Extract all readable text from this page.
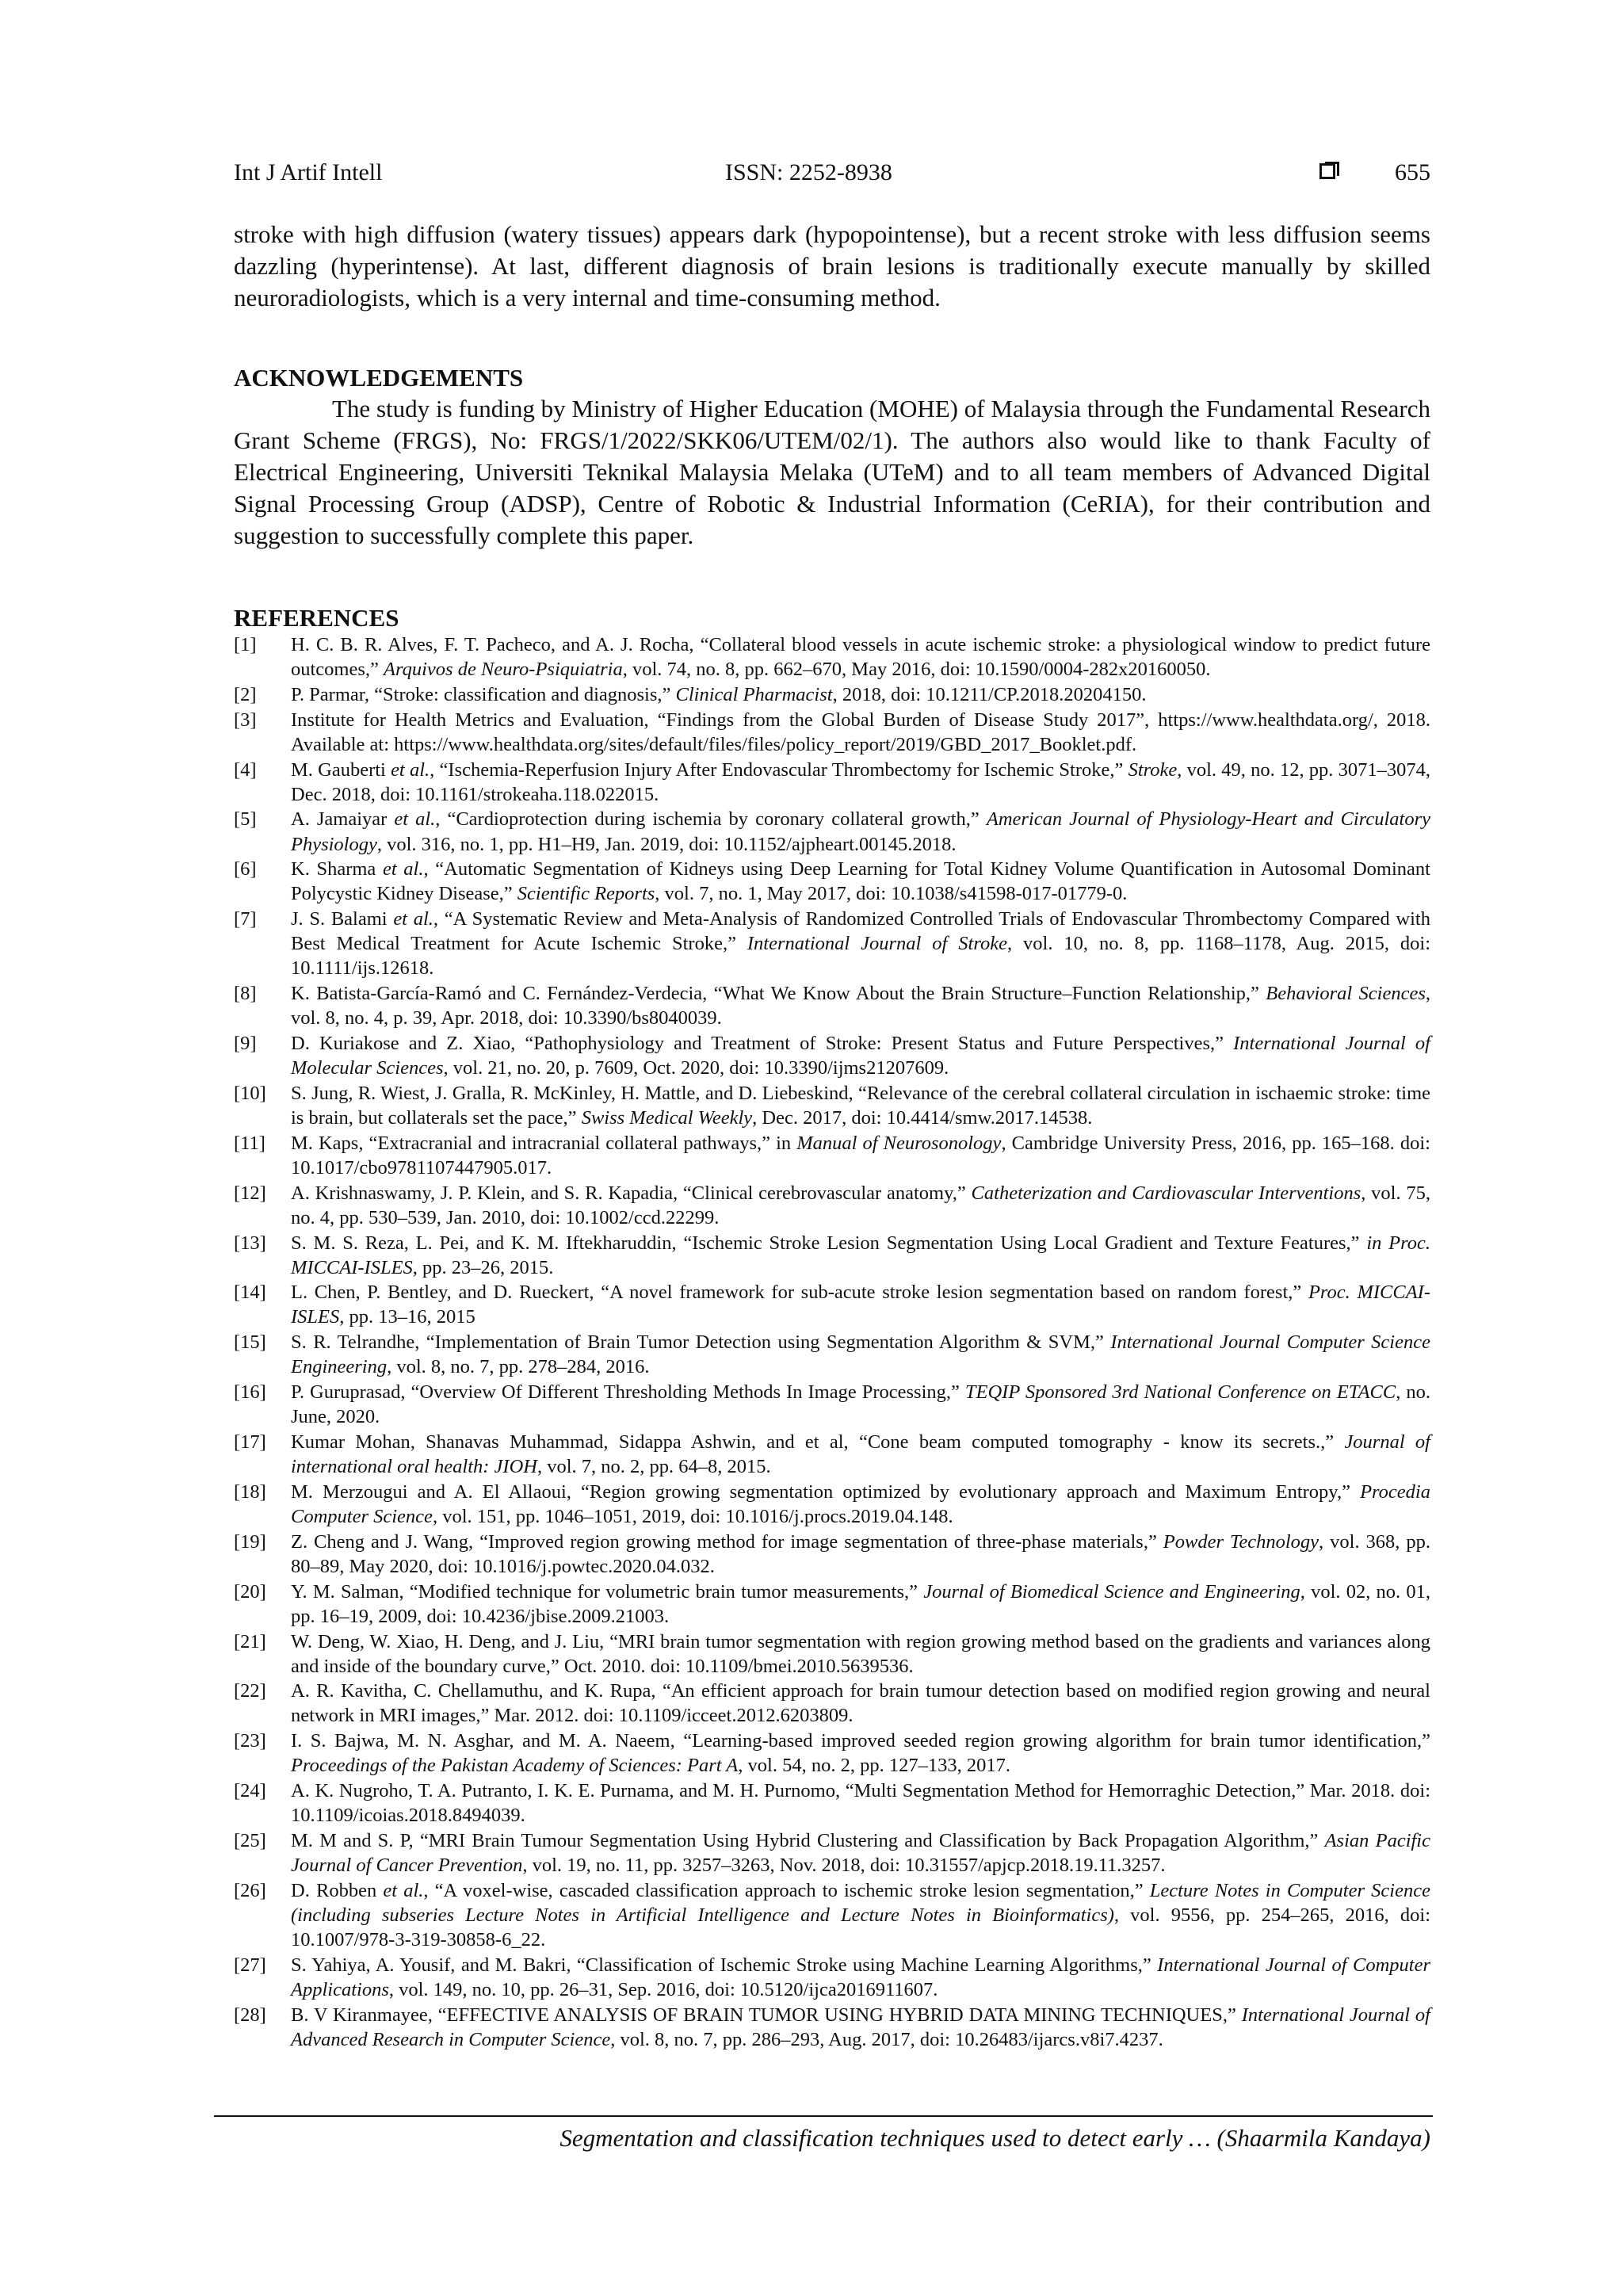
Int J Artif Intell	ISSN: 2252-8938	655

stroke with high diffusion (watery tissues) appears dark (hypopointense), but a recent stroke with less diffusion seems dazzling (hyperintense). At last, different diagnosis of brain lesions is traditionally execute manually by skilled neuroradiologists, which is a very internal and time-consuming method.

ACKNOWLEDGEMENTS

The study is funding by Ministry of Higher Education (MOHE) of Malaysia through the Fundamental Research Grant Scheme (FRGS), No: FRGS/1/2022/SKK06/UTEM/02/1). The authors also would like to thank Faculty of Electrical Engineering, Universiti Teknikal Malaysia Melaka (UTeM) and to all team members of Advanced Digital Signal Processing Group (ADSP), Centre of Robotic & Industrial Information (CeRIA), for their contribution and suggestion to successfully complete this paper.

REFERENCES
[1] H. C. B. R. Alves, F. T. Pacheco, and A. J. Rocha, “Collateral blood vessels in acute ischemic stroke: a physiological window to predict future outcomes,” Arquivos de Neuro-Psiquiatria, vol. 74, no. 8, pp. 662–670, May 2016, doi: 10.1590/0004-282x20160050.
[2] P. Parmar, “Stroke: classification and diagnosis,” Clinical Pharmacist, 2018, doi: 10.1211/CP.2018.20204150.
[3] Institute for Health Metrics and Evaluation, “Findings from the Global Burden of Disease Study 2017”, https://www.healthdata.org/, 2018. Available at: https://www.healthdata.org/sites/default/files/files/policy_report/2019/GBD_2017_Booklet.pdf.
[4] M. Gauberti et al., “Ischemia-Reperfusion Injury After Endovascular Thrombectomy for Ischemic Stroke,” Stroke, vol. 49, no. 12, pp. 3071–3074, Dec. 2018, doi: 10.1161/strokeaha.118.022015.
[5] A. Jamaiyar et al., “Cardioprotection during ischemia by coronary collateral growth,” American Journal of Physiology-Heart and Circulatory Physiology, vol. 316, no. 1, pp. H1–H9, Jan. 2019, doi: 10.1152/ajpheart.00145.2018.
[6] K. Sharma et al., “Automatic Segmentation of Kidneys using Deep Learning for Total Kidney Volume Quantification in Autosomal Dominant Polycystic Kidney Disease,” Scientific Reports, vol. 7, no. 1, May 2017, doi: 10.1038/s41598-017-01779-0.
[7] J. S. Balami et al., “A Systematic Review and Meta-Analysis of Randomized Controlled Trials of Endovascular Thrombectomy Compared with Best Medical Treatment for Acute Ischemic Stroke,” International Journal of Stroke, vol. 10, no. 8, pp. 1168–1178, Aug. 2015, doi: 10.1111/ijs.12618.
[8] K. Batista-García-Ramó and C. Fernández-Verdecia, “What We Know About the Brain Structure–Function Relationship,” Behavioral Sciences, vol. 8, no. 4, p. 39, Apr. 2018, doi: 10.3390/bs8040039.
[9] D. Kuriakose and Z. Xiao, “Pathophysiology and Treatment of Stroke: Present Status and Future Perspectives,” International Journal of Molecular Sciences, vol. 21, no. 20, p. 7609, Oct. 2020, doi: 10.3390/ijms21207609.
[10] S. Jung, R. Wiest, J. Gralla, R. McKinley, H. Mattle, and D. Liebeskind, “Relevance of the cerebral collateral circulation in ischaemic stroke: time is brain, but collaterals set the pace,” Swiss Medical Weekly, Dec. 2017, doi: 10.4414/smw.2017.14538.
[11] M. Kaps, “Extracranial and intracranial collateral pathways,” in Manual of Neurosonology, Cambridge University Press, 2016, pp. 165–168. doi: 10.1017/cbo9781107447905.017.
[12] A. Krishnaswamy, J. P. Klein, and S. R. Kapadia, “Clinical cerebrovascular anatomy,” Catheterization and Cardiovascular Interventions, vol. 75, no. 4, pp. 530–539, Jan. 2010, doi: 10.1002/ccd.22299.
[13] S. M. S. Reza, L. Pei, and K. M. Iftekharuddin, “Ischemic Stroke Lesion Segmentation Using Local Gradient and Texture Features,” in Proc. MICCAI-ISLES, pp. 23–26, 2015.
[14] L. Chen, P. Bentley, and D. Rueckert, “A novel framework for sub-acute stroke lesion segmentation based on random forest,” Proc. MICCAI-ISLES, pp. 13–16, 2015
[15] S. R. Telrandhe, “Implementation of Brain Tumor Detection using Segmentation Algorithm & SVM,” International Journal Computer Science Engineering, vol. 8, no. 7, pp. 278–284, 2016.
[16] P. Guruprasad, “Overview Of Different Thresholding Methods In Image Processing,” TEQIP Sponsored 3rd National Conference on ETACC, no. June, 2020.
[17] Kumar Mohan, Shanavas Muhammad, Sidappa Ashwin, and et al, “Cone beam computed tomography - know its secrets.,” Journal of international oral health: JIOH, vol. 7, no. 2, pp. 64–8, 2015.
[18] M. Merzougui and A. El Allaoui, “Region growing segmentation optimized by evolutionary approach and Maximum Entropy,” Procedia Computer Science, vol. 151, pp. 1046–1051, 2019, doi: 10.1016/j.procs.2019.04.148.
[19] Z. Cheng and J. Wang, “Improved region growing method for image segmentation of three-phase materials,” Powder Technology, vol. 368, pp. 80–89, May 2020, doi: 10.1016/j.powtec.2020.04.032.
[20] Y. M. Salman, “Modified technique for volumetric brain tumor measurements,” Journal of Biomedical Science and Engineering, vol. 02, no. 01, pp. 16–19, 2009, doi: 10.4236/jbise.2009.21003.
[21] W. Deng, W. Xiao, H. Deng, and J. Liu, “MRI brain tumor segmentation with region growing method based on the gradients and variances along and inside of the boundary curve,” Oct. 2010. doi: 10.1109/bmei.2010.5639536.
[22] A. R. Kavitha, C. Chellamuthu, and K. Rupa, “An efficient approach for brain tumour detection based on modified region growing and neural network in MRI images,” Mar. 2012. doi: 10.1109/icceet.2012.6203809.
[23] I. S. Bajwa, M. N. Asghar, and M. A. Naeem, “Learning-based improved seeded region growing algorithm for brain tumor identification,” Proceedings of the Pakistan Academy of Sciences: Part A, vol. 54, no. 2, pp. 127–133, 2017.
[24] A. K. Nugroho, T. A. Putranto, I. K. E. Purnama, and M. H. Purnomo, “Multi Segmentation Method for Hemorraghic Detection,” Mar. 2018. doi: 10.1109/icoias.2018.8494039.
[25] M. M and S. P, “MRI Brain Tumour Segmentation Using Hybrid Clustering and Classification by Back Propagation Algorithm,” Asian Pacific Journal of Cancer Prevention, vol. 19, no. 11, pp. 3257–3263, Nov. 2018, doi: 10.31557/apjcp.2018.19.11.3257.
[26] D. Robben et al., “A voxel-wise, cascaded classification approach to ischemic stroke lesion segmentation,” Lecture Notes in Computer Science (including subseries Lecture Notes in Artificial Intelligence and Lecture Notes in Bioinformatics), vol. 9556, pp. 254–265, 2016, doi: 10.1007/978-3-319-30858-6_22.
[27] S. Yahiya, A. Yousif, and M. Bakri, “Classification of Ischemic Stroke using Machine Learning Algorithms,” International Journal of Computer Applications, vol. 149, no. 10, pp. 26–31, Sep. 2016, doi: 10.5120/ijca2016911607.
[28] B. V Kiranmayee, “EFFECTIVE ANALYSIS OF BRAIN TUMOR USING HYBRID DATA MINING TECHNIQUES,” International Journal of Advanced Research in Computer Science, vol. 8, no. 7, pp. 286–293, Aug. 2017, doi: 10.26483/ijarcs.v8i7.4237.
Segmentation and classification techniques used to detect early … (Shaarmila Kandaya)
